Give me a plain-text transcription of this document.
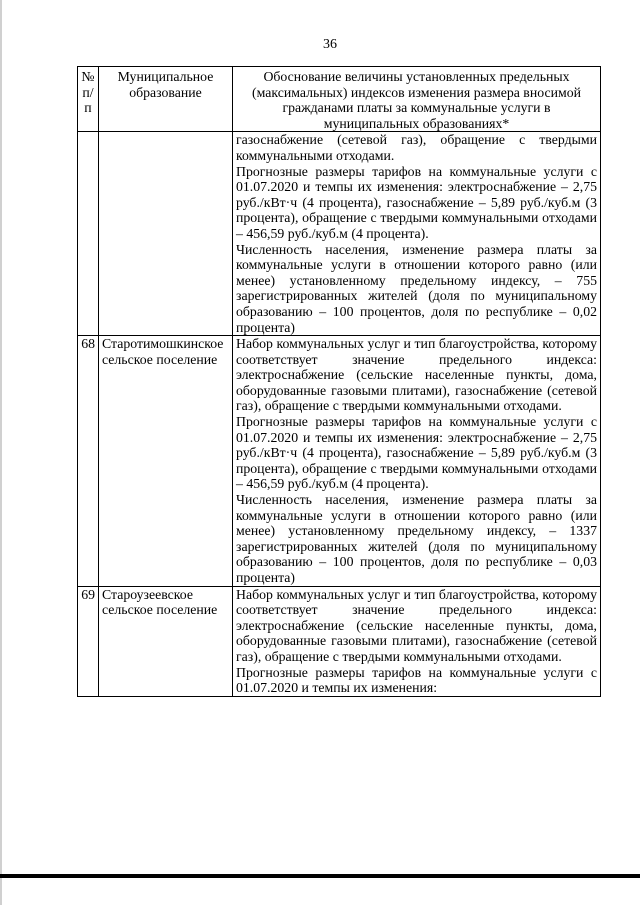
36
№ п/п	Муниципальное образование	Обоснование величины установленных предельных (максимальных) индексов изменения размера вносимой гражданами платы за коммунальные услуги в муниципальных образованиях*

		газоснабжение (сетевой газ), обращение с твердыми коммунальными отходами.
Прогнозные размеры тарифов на коммунальные услуги с 01.07.2020 и темпы их изменения: электроснабжение – 2,75 руб./кВт·ч (4 процента), газоснабжение – 5,89 руб./куб.м (3 процента), обращение с твердыми коммунальными отходами – 456,59 руб./куб.м (4 процента).
Численность населения, изменение размера платы за коммунальные услуги в отношении которого равно (или менее) установленному предельному индексу, – 755 зарегистрированных жителей (доля по муниципальному образованию – 100 процентов, доля по республике – 0,02 процента)

68	Старотимошкинское сельское поселение	Набор коммунальных услуг и тип благоустройства, которому соответствует значение предельного индекса: электроснабжение (сельские населенные пункты, дома, оборудованные газовыми плитами), газоснабжение (сетевой газ), обращение с твердыми коммунальными отходами.
Прогнозные размеры тарифов на коммунальные услуги с 01.07.2020 и темпы их изменения: электроснабжение – 2,75 руб./кВт·ч (4 процента), газоснабжение – 5,89 руб./куб.м (3 процента), обращение с твердыми коммунальными отходами – 456,59 руб./куб.м (4 процента).
Численность населения, изменение размера платы за коммунальные услуги в отношении которого равно (или менее) установленному предельному индексу, – 1337 зарегистрированных жителей (доля по муниципальному образованию – 100 процентов, доля по республике – 0,03 процента)

69	Староузеевское сельское поселение	Набор коммунальных услуг и тип благоустройства, которому соответствует значение предельного индекса: электроснабжение (сельские населенные пункты, дома, оборудованные газовыми плитами), газоснабжение (сетевой газ), обращение с твердыми коммунальными отходами.
Прогнозные размеры тарифов на коммунальные услуги с 01.07.2020 и темпы их изменения:
